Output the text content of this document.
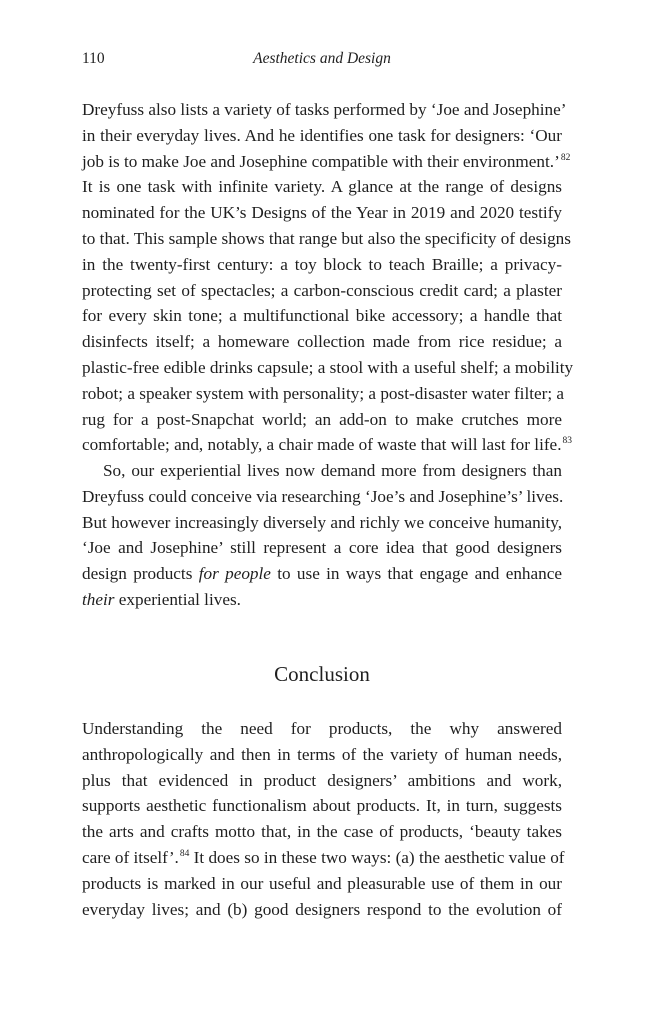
110	Aesthetics and Design

Dreyfuss also lists a variety of tasks performed by ‘Joe and Josephine’
in their everyday lives. And he identifies one task for designers: ‘Our
job is to make Joe and Josephine compatible with their environment.’$^{82}$
It is one task with infinite variety. A glance at the range of designs
nominated for the UK’s Designs of the Year in 2019 and 2020 testify
to that. This sample shows that range but also the specificity of designs
in the twenty-first century: a toy block to teach Braille; a privacy-
protecting set of spectacles; a carbon-conscious credit card; a plaster
for every skin tone; a multifunctional bike accessory; a handle that
disinfects itself; a homeware collection made from rice residue; a
plastic-free edible drinks capsule; a stool with a useful shelf; a mobility
robot; a speaker system with personality; a post-disaster water filter; a
rug for a post-Snapchat world; an add-on to make crutches more
comfortable; and, notably, a chair made of waste that will last for life.$^{83}$

So, our experiential lives now demand more from designers than
Dreyfuss could conceive via researching ‘Joe’s and Josephine’s’ lives.
But however increasingly diversely and richly we conceive humanity,
‘Joe and Josephine’ still represent a core idea that good designers
design products for people to use in ways that engage and enhance
their experiential lives.

Conclusion

Understanding the need for products, the why answered
anthropologically and then in terms of the variety of human needs,
plus that evidenced in product designers’ ambitions and work,
supports aesthetic functionalism about products. It, in turn, suggests
the arts and crafts motto that, in the case of products, ‘beauty takes
care of itself’.$^{84}$ It does so in these two ways: (a) the aesthetic value of
products is marked in our useful and pleasurable use of them in our
everyday lives; and (b) good designers respond to the evolution of
